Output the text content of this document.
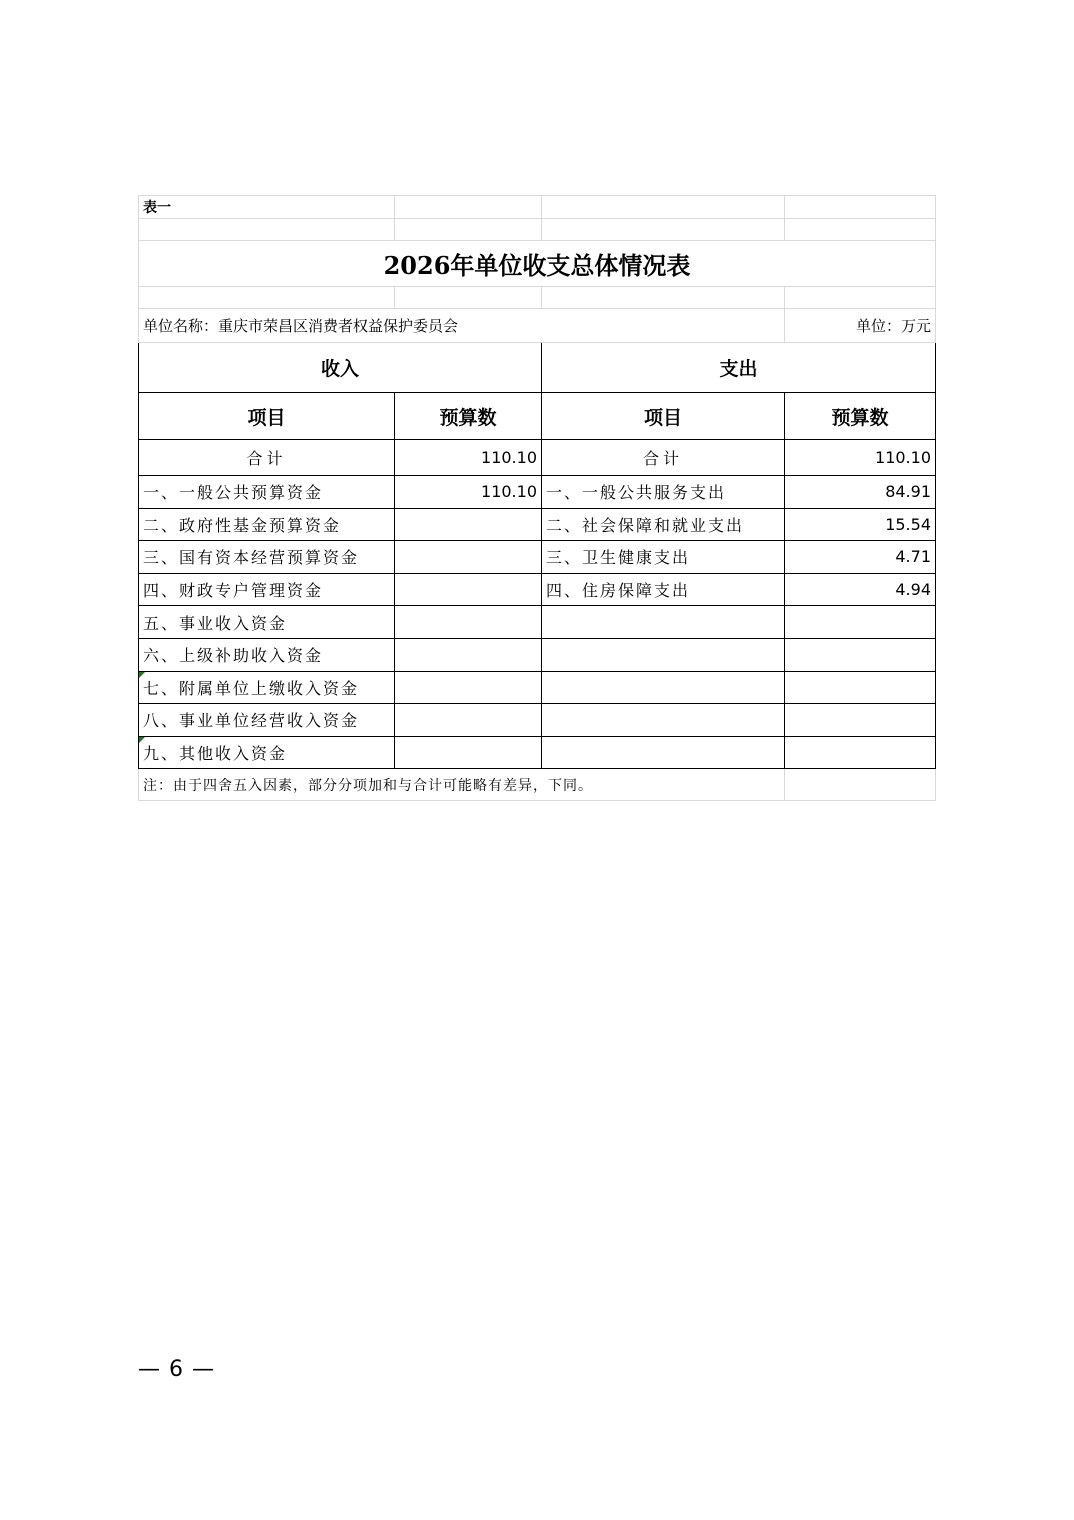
表一			

2026年单位收支总体情况表			

单位名称：重庆市荣昌区消费者权益保护委员会			单位：万元
收入		支出	
项目	预算数	项目	预算数
合计	110.10	合计	110.10
一、一般公共预算资金	110.10	一、一般公共服务支出	84.91
二、政府性基金预算资金		二、社会保障和就业支出	15.54
三、国有资本经营预算资金		三、卫生健康支出	4.71
四、财政专户管理资金		四、住房保障支出	4.94
五、事业收入资金			
六、上级补助收入资金			
七、附属单位上缴收入资金			
八、事业单位经营收入资金			
九、其他收入资金			
注：由于四舍五入因素，部分分项加和与合计可能略有差异，下同。			
— 6 —
